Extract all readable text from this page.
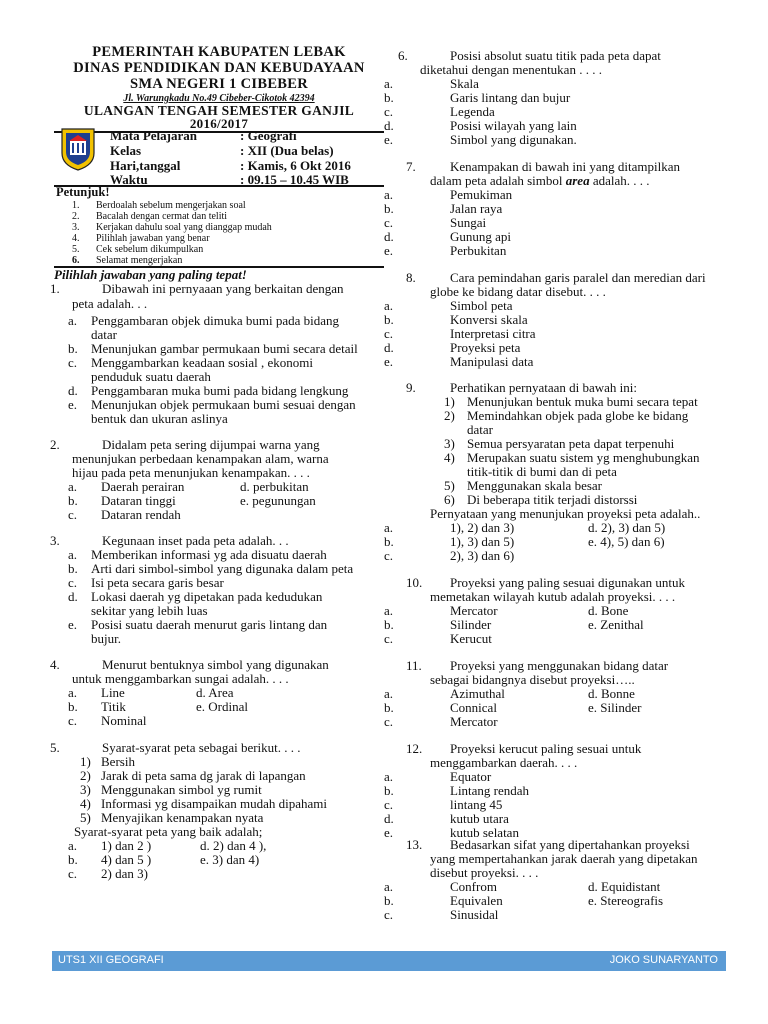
PEMERINTAH KABUPATEN LEBAK
DINAS PENDIDIKAN DAN KEBUDAYAAN
SMA NEGERI 1 CIBEBER
Jl. Warungkadu No.49 Cibeber-Cikotok 42394
ULANGAN TENGAH SEMESTER GANJIL
2016/2017
Mata Pelajaran	: Geografi
Kelas	: XII (Dua belas)
Hari,tanggal	: Kamis, 6 Okt 2016
Waktu	: 09.15 – 10.45 WIB
Petunjuk!
1. Berdoalah sebelum mengerjakan soal
2. Bacalah dengan cermat dan teliti
3. Kerjakan dahulu soal yang dianggap mudah
4. Pilihlah jawaban yang benar
5. Cek sebelum dikumpulkan
6. Selamat mengerjakan
Pilihlah jawaban yang paling tepat!
1.	Dibawah ini pernyaaan yang berkaitan dengan
peta adalah. . .
a. Penggambaran objek dimuka bumi pada bidang
datar
b. Menunjukan gambar permukaan bumi secara detail
c. Menggambarkan keadaan sosial , ekonomi
penduduk suatu daerah
d. Penggambaran muka bumi pada bidang lengkung
e. Menunjukan objek permukaan bumi sesuai dengan
bentuk dan ukuran aslinya
2.	Didalam peta sering dijumpai warna yang
menunjukan perbedaan kenampakan alam, warna
hijau pada peta menunjukan kenampakan. . . .
a. Daerah perairan	d. perbukitan
b. Dataran tinggi	e. pegunungan
c. Dataran rendah
3.	Kegunaan inset pada peta adalah. . .
a. Memberikan informasi yg ada disuatu daerah
b. Arti dari simbol-simbol yang digunaka dalam peta
c. Isi peta secara garis besar
d. Lokasi daerah yg dipetakan pada kedudukan
sekitar yang lebih luas
e. Posisi suatu daerah menurut garis lintang dan
bujur.
4.	Menurut bentuknya simbol yang digunakan
untuk menggambarkan sungai adalah. . . .
a. Line	d. Area
b. Titik	e. Ordinal
c. Nominal
5.	Syarat-syarat peta sebagai berikut. . . .
1) Bersih
2) Jarak di peta sama dg jarak di lapangan
3) Menggunakan simbol yg rumit
4) Informasi yg disampaikan mudah dipahami
5) Menyajikan kenampakan nyata
Syarat-syarat peta yang baik adalah;
a. 1) dan 2 )	d. 2) dan 4 ),
b. 4) dan 5 )	e. 3) dan 4)
c. 2) dan 3)
6.	Posisi absolut suatu titik pada peta dapat
diketahui dengan menentukan . . . .
a.	Skala
b.	Garis lintang dan bujur
c.	Legenda
d.	Posisi wilayah yang lain
e.	Simbol yang digunakan.
7.	Kenampakan di bawah ini yang ditampilkan
b.	Jalan raya
a.	Pemukiman
c.	Sungai
d.	Gunung api
e.	Perbukitan
8.	Cara pemindahan garis paralel dan meredian dari
globe ke bidang datar disebut. . . .
a.	Simbol peta
b.	Konversi skala
c.	Interpretasi citra
d.	Proyeksi peta
e.	Manipulasi data
9.	Perhatikan pernyataan di bawah ini:
1) Menunjukan bentuk muka bumi secara tepat
2) Memindahkan objek pada globe ke bidang
datar
3) Semua persyaratan peta dapat terpenuhi
4) Merupakan suatu sistem yg menghubungkan
titik-titik di bumi dan di peta
5) Menggunakan skala besar
6) Di beberapa titik terjadi distorssi
Pernyataan yang menunjukan proyeksi peta adalah..
a.	1), 2) dan 3)	d. 2), 3) dan 5)
b.	1), 3) dan 5)	e. 4), 5) dan 6)
c.	2), 3) dan 6)
10. Proyeksi yang paling sesuai digunakan untuk
memetakan wilayah kutub adalah proyeksi. . . .
a.	Mercator	d. Bone
b.	Silinder	e. Zenithal
c.	Kerucut
11. Proyeksi yang menggunakan bidang datar
sebagai bidangnya disebut proyeksi…..
a.	Azimuthal	d. Bonne
b.	Connical	e. Silinder
c.	Mercator
12. Proyeksi kerucut paling sesuai untuk
menggambarkan daerah. . . .
a.	Equator
b.	Lintang rendah
c.	lintang 45
d.	kutub utara
e.	kutub selatan
13. Bedasarkan sifat yang dipertahankan proyeksi
yang mempertahankan jarak daerah yang dipetakan
disebut proyeksi. . . .
a.	Confrom	d. Equidistant
b.	Equivalen	e. Stereografis
c.	Sinusidal
dalam peta adalah simbol area adalah. . . .
UTS1 XII GEOGRAFI	JOKO SUNARYANTO
